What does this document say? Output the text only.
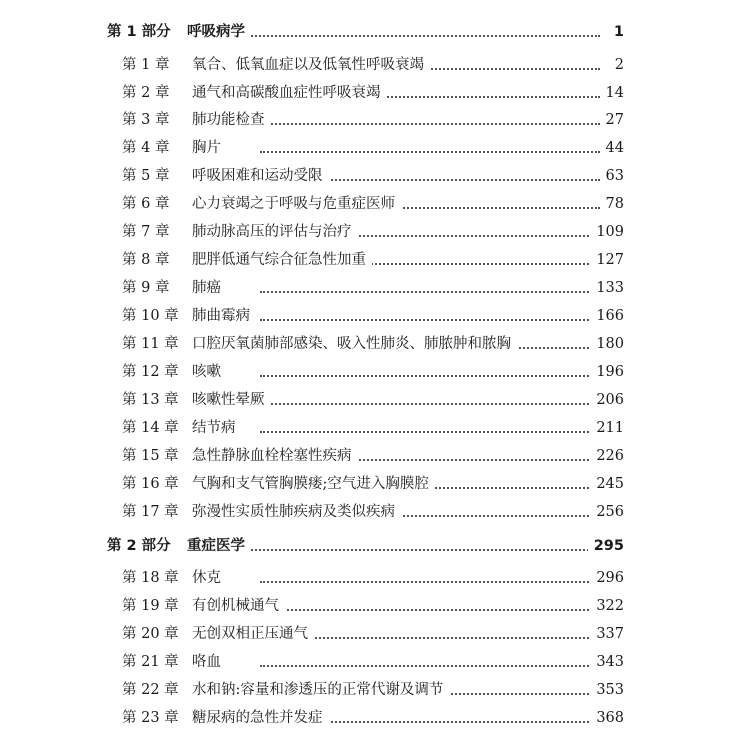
第 1 部分 呼吸病学	1
第 1 章 氧合、低氧血症以及低氧性呼吸衰竭	2
第 2 章 通气和高碳酸血症性呼吸衰竭	14
第 3 章 肺功能检查	27
第 4 章 胸片	44
第 5 章 呼吸困难和运动受限	63
第 6 章 心力衰竭之于呼吸与危重症医师	78
第 7 章 肺动脉高压的评估与治疗	109
第 8 章 肥胖低通气综合征急性加重	127
第 9 章 肺癌	133
第 10 章 肺曲霉病	166
第 11 章 口腔厌氧菌肺部感染、吸入性肺炎、肺脓肿和脓胸	180
第 12 章 咳嗽	196
第 13 章 咳嗽性晕厥	206
第 14 章 结节病	211
第 15 章 急性静脉血栓栓塞性疾病	226
第 16 章 气胸和支气管胸膜瘘;空气进入胸膜腔	245
第 17 章 弥漫性实质性肺疾病及类似疾病	256
第 2 部分 重症医学	295
第 18 章 休克	296
第 19 章 有创机械通气	322
第 20 章 无创双相正压通气	337
第 21 章 咯血	343
第 22 章 水和钠:容量和渗透压的正常代谢及调节	353
第 23 章 糖尿病的急性并发症	368
